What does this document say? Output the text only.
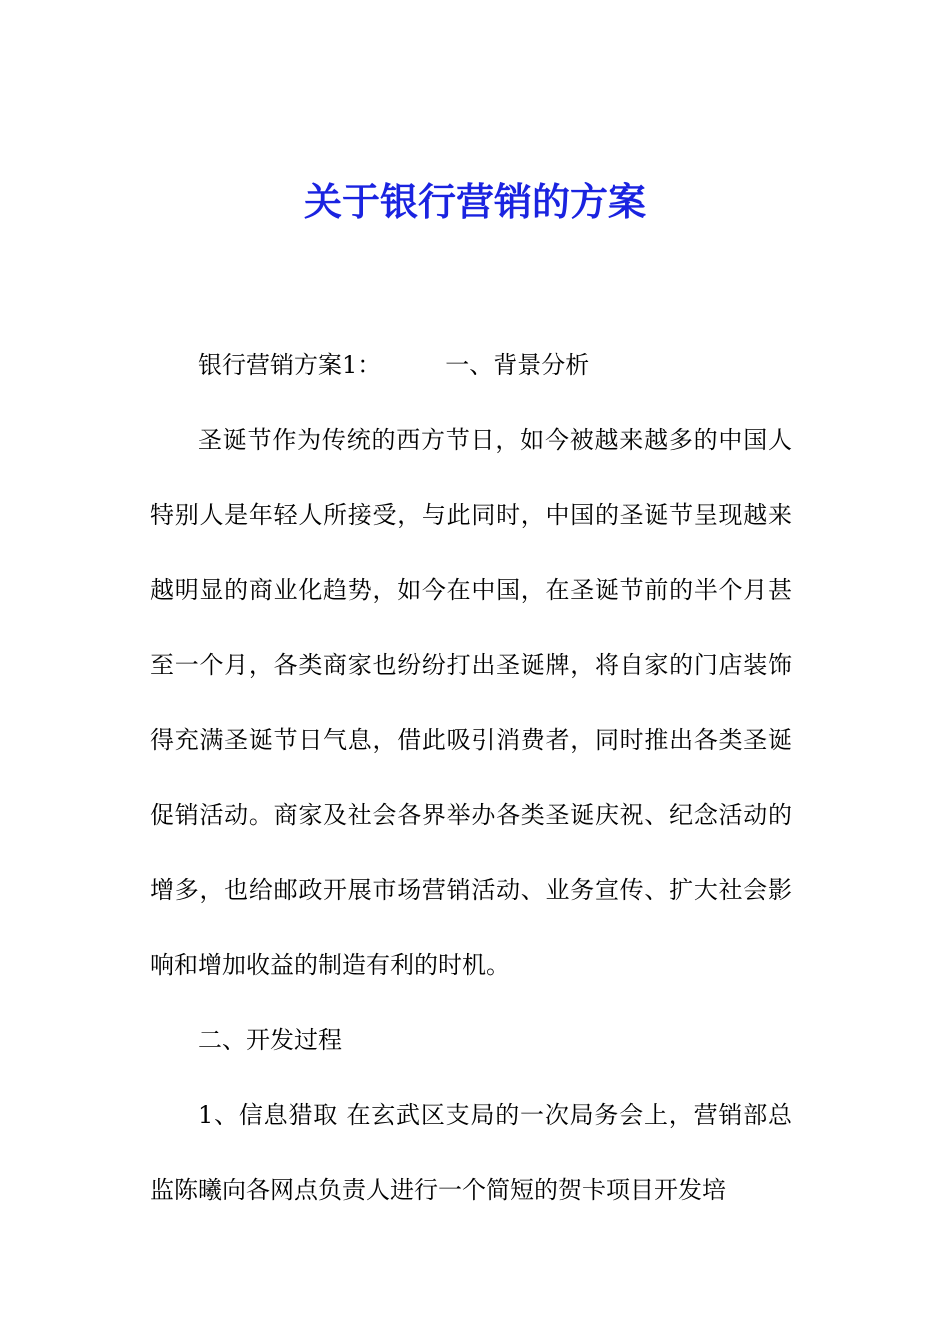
关于银行营销的方案

银行营销方案1：	一、背景分析

圣诞节作为传统的西方节日，如今被越来越多的中国人特别人是年轻人所接受，与此同时，中国的圣诞节呈现越来越明显的商业化趋势，如今在中国，在圣诞节前的半个月甚至一个月，各类商家也纷纷打出圣诞牌，将自家的门店装饰得充满圣诞节日气息，借此吸引消费者，同时推出各类圣诞促销活动。商家及社会各界举办各类圣诞庆祝、纪念活动的增多，也给邮政开展市场营销活动、业务宣传、扩大社会影响和增加收益的制造有利的时机。

二、开发过程

1、信息猎取 在玄武区支局的一次局务会上，营销部总监陈曦向各网点负责人进行一个简短的贺卡项目开发培
